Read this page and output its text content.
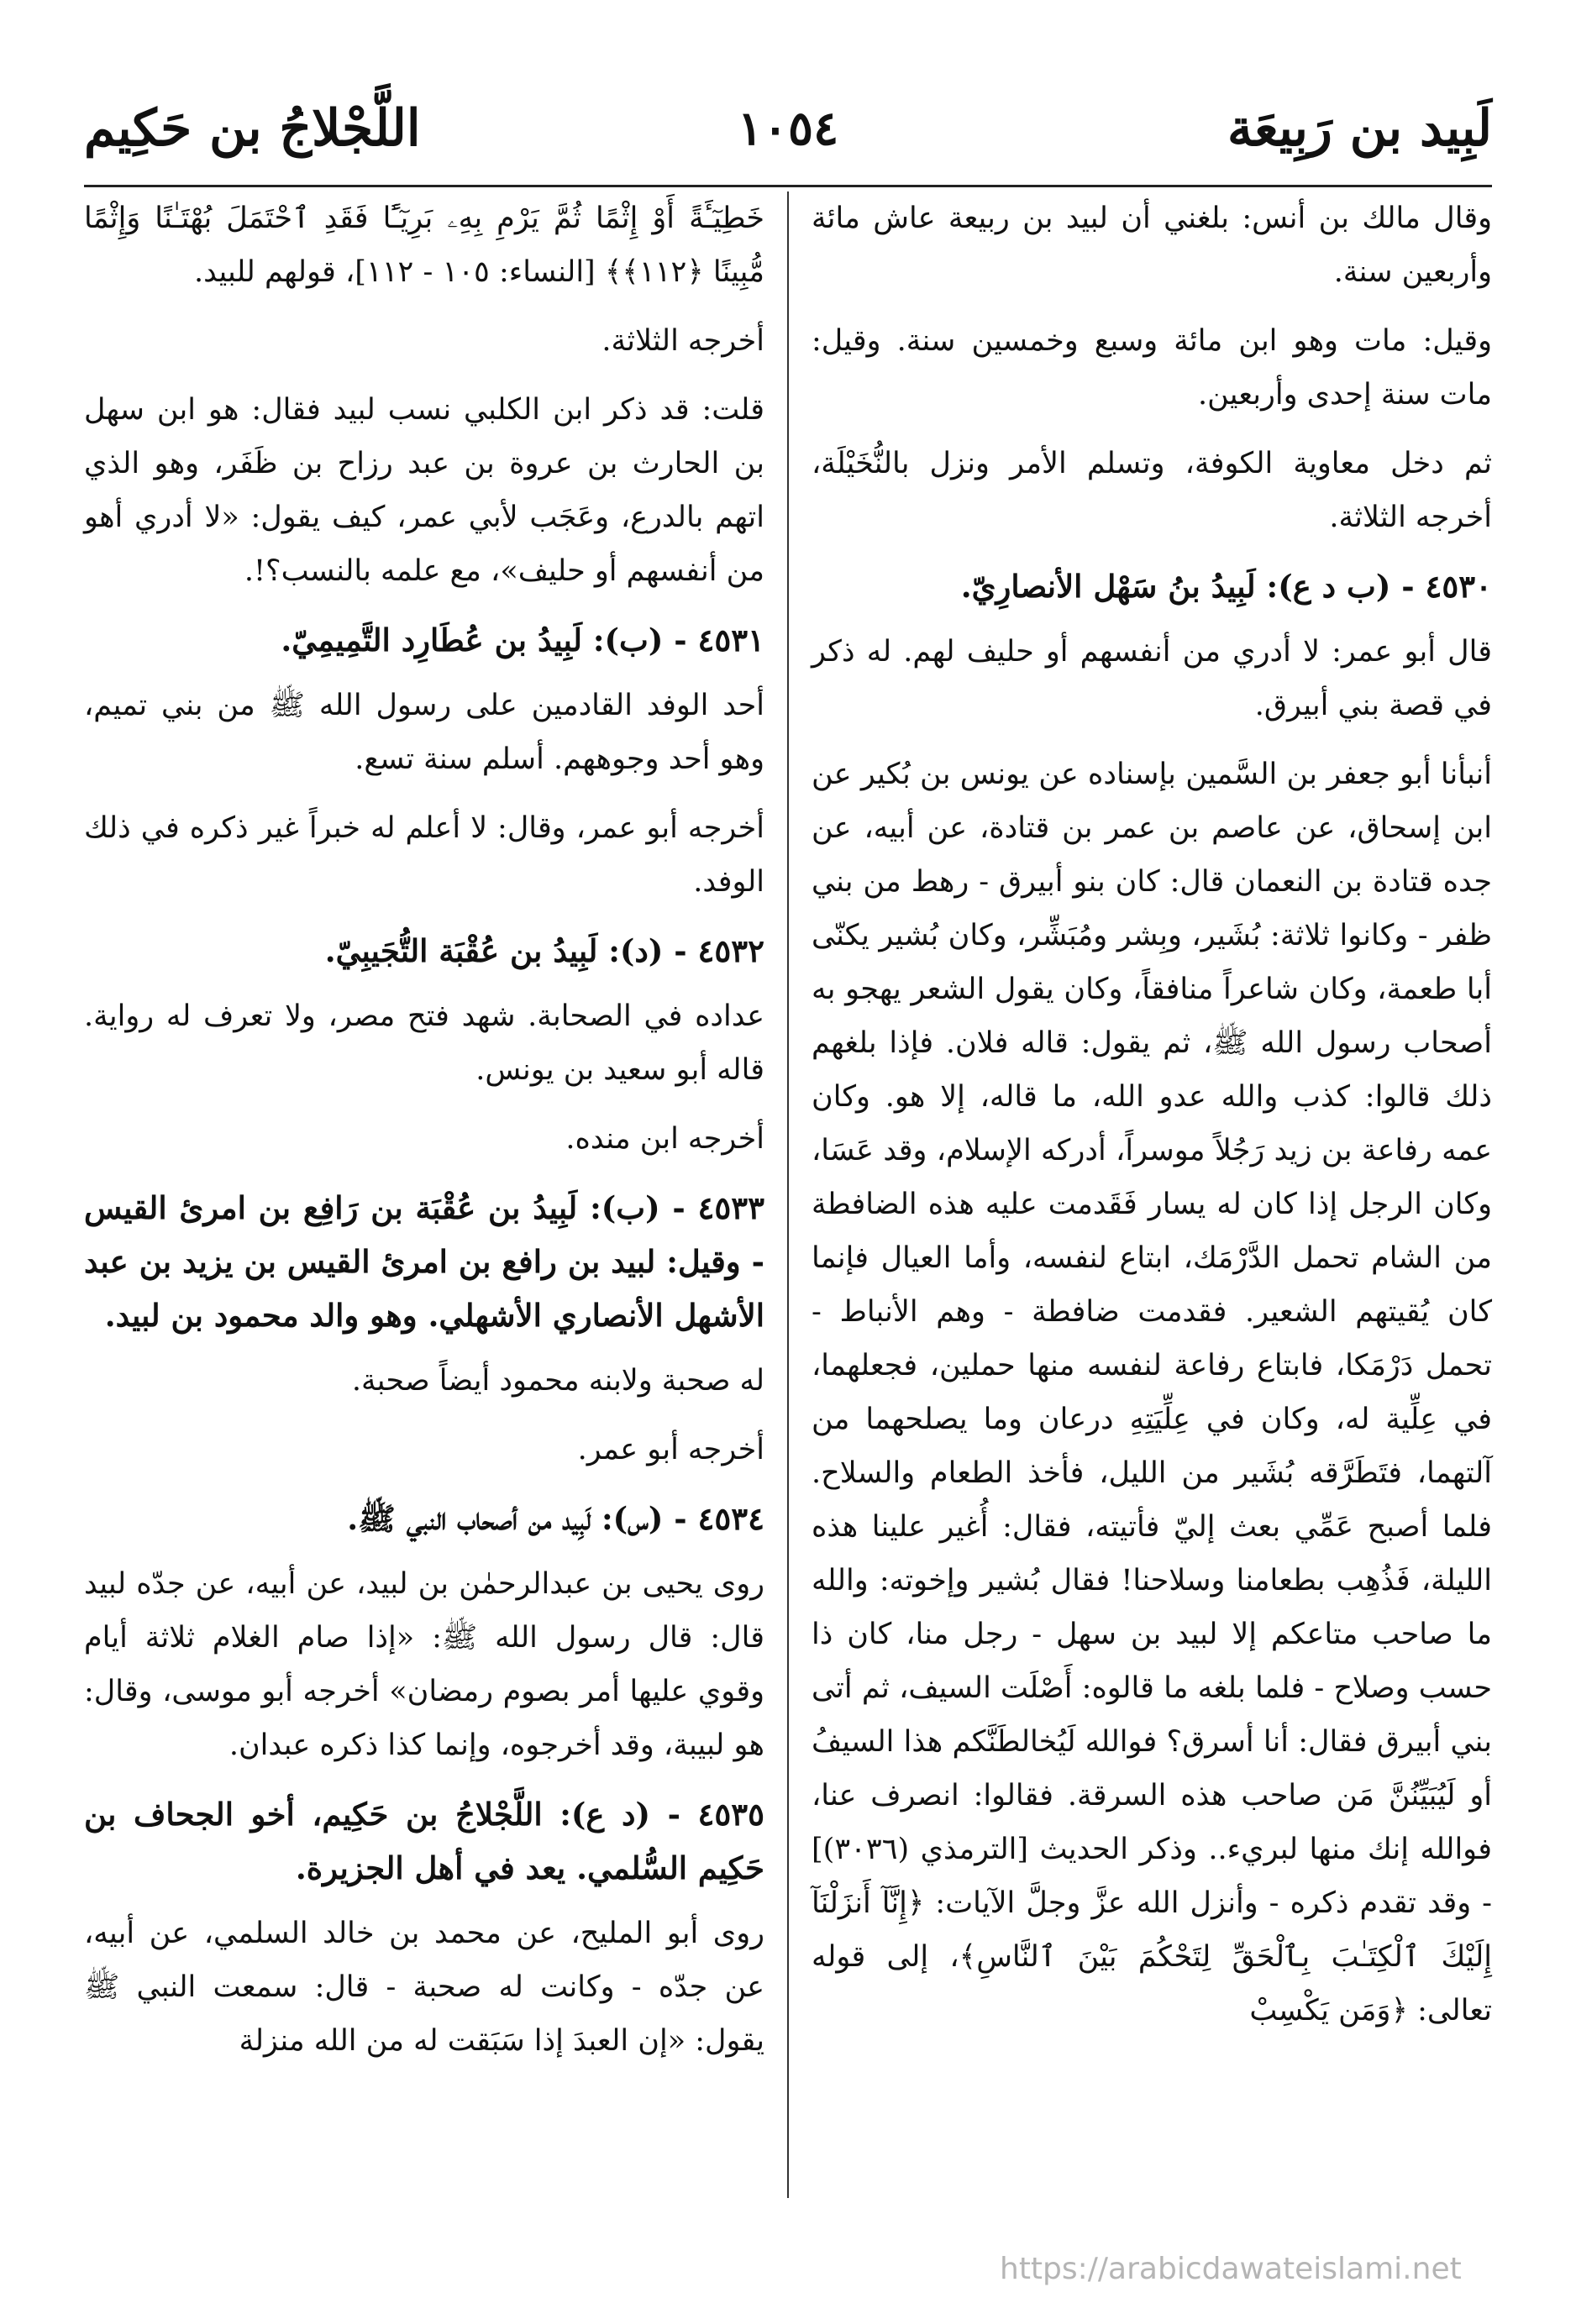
لَبِيد بن رَبِيعَة
١٠٥٤
اللَّجْلاجُ بن حَكِيم

وقال مالك بن أنس: بلغني أن لبيد بن ربيعة عاش مائة وأربعين سنة.

وقيل: مات وهو ابن مائة وسبع وخمسين سنة. وقيل: مات سنة إحدى وأربعين.

ثم دخل معاوية الكوفة، وتسلم الأمر ونزل بالنُّخَيْلَة، أخرجه الثلاثة.

٤٥٣٠ - (ب د ع): لَبِيدُ بنُ سَهْل الأنصارِيّ.

قال أبو عمر: لا أدري من أنفسهم أو حليف لهم. له ذكر في قصة بني أبيرق.

أنبأنا أبو جعفر بن السَّمين بإسناده عن يونس بن بُكير عن ابن إسحاق، عن عاصم بن عمر بن قتادة، عن أبيه، عن جده قتادة بن النعمان قال: كان بنو أبيرق - رهط من بني ظفر - وكانوا ثلاثة: بُشَير، وبِشر ومُبَشِّر، وكان بُشير يكنّى أبا طعمة، وكان شاعراً منافقاً، وكان يقول الشعر يهجو به أصحاب رسول الله ﷺ، ثم يقول: قاله فلان. فإذا بلغهم ذلك قالوا: كذب والله عدو الله، ما قاله، إلا هو. وكان عمه رفاعة بن زيد رَجُلاً موسراً، أدركه الإسلام، وقد عَسَا، وكان الرجل إذا كان له يسار فَقَدمت عليه هذه الضافطة من الشام تحمل الدَّرْمَك، ابتاع لنفسه، وأما العيال فإنما كان يُقيتهم الشعير. فقدمت ضافطة - وهم الأنباط - تحمل دَرْمَكا، فابتاع رفاعة لنفسه منها حملين، فجعلهما، في عِلِّية له، وكان في عِلِّيَتِهِ درعان وما يصلحهما من آلتهما، فتَطَرَّقه بُشَير من الليل، فأخذ الطعام والسلاح. فلما أصبح عَمِّي بعث إليّ فأتيته، فقال: أُغير علينا هذه الليلة، فَذُهِب بطعامنا وسلاحنا! فقال بُشير وإخوته: والله ما صاحب متاعكم إلا لبيد بن سهل - رجل منا، كان ذا حسب وصلاح - فلما بلغه ما قالوه: أَصْلَت السيف، ثم أتى بني أبيرق فقال: أنا أسرق؟ فوالله لَيُخالطَنَّكم هذا السيفُ أو لَيُبَيِّنُنَّ مَن صاحب هذه السرقة. فقالوا: انصرف عنا، فوالله إنك منها لبريء.. وذكر الحديث [الترمذي (٣٠٣٦)] - وقد تقدم ذكره - وأنزل الله عزَّ وجلَّ الآيات: ﴿إِنَّآ أَنزَلْنَآ إِلَيْكَ ٱلْكِتَـٰبَ بِٱلْحَقِّ لِتَحْكُمَ بَيْنَ ٱلنَّاسِ﴾، إلى قوله تعالى: ﴿وَمَن يَكْسِبْ

خَطِيٓـَٔةً أَوْ إِثْمًا ثُمَّ يَرْمِ بِهِۦ بَرِيٓـًٔا فَقَدِ ٱحْتَمَلَ بُهْتَـٰنًا وَإِثْمًا مُّبِينًا ﴿١١٢﴾﴾ [النساء: ١٠٥ - ١١٢]، قولهم للبيد.

أخرجه الثلاثة.

قلت: قد ذكر ابن الكلبي نسب لبيد فقال: هو ابن سهل بن الحارث بن عروة بن عبد رزاح بن ظَفَر، وهو الذي اتهم بالدرع، وعَجَب لأبي عمر، كيف يقول: «لا أدري أهو من أنفسهم أو حليف»، مع علمه بالنسب؟!.

٤٥٣١ - (ب): لَبِيدُ بن عُطَارِد التَّمِيمِيّ.

أحد الوفد القادمين على رسول الله ﷺ من بني تميم، وهو أحد وجوههم. أسلم سنة تسع.

أخرجه أبو عمر، وقال: لا أعلم له خبراً غير ذكره في ذلك الوفد.

٤٥٣٢ - (د): لَبِيدُ بن عُقْبَة التُّجَيبِيّ.

عداده في الصحابة. شهد فتح مصر، ولا تعرف له رواية. قاله أبو سعيد بن يونس.

أخرجه ابن منده.

٤٥٣٣ - (ب): لَبِيدُ بن عُقْبَة بن رَافِع بن امرئ القيس - وقيل: لبيد بن رافع بن امرئ القيس بن يزيد بن عبد الأشهل الأنصاري الأشهلي. وهو والد محمود بن لبيد.

له صحبة ولابنه محمود أيضاً صحبة.

أخرجه أبو عمر.

٤٥٣٤ - (س): لَبِيد من أصحاب النبي ﷺ.

روى يحيى بن عبدالرحمٰن بن لبيد، عن أبيه، عن جدّه لبيد قال: قال رسول الله ﷺ: «إذا صام الغلام ثلاثة أيام وقوي عليها أمر بصوم رمضان» أخرجه أبو موسى، وقال: هو لبيبة، وقد أخرجوه، وإنما كذا ذكره عبدان.

٤٥٣٥ - (د ع): اللَّجْلاجُ بن حَكِيم، أخو الجحاف بن حَكِيم السُّلمي. يعد في أهل الجزيرة.

روى أبو المليح، عن محمد بن خالد السلمي، عن أبيه، عن جدّه - وكانت له صحبة - قال: سمعت النبي ﷺ يقول: «إن العبدَ إذا سَبَقت له من الله منزلة

https://arabicdawateislami.net
